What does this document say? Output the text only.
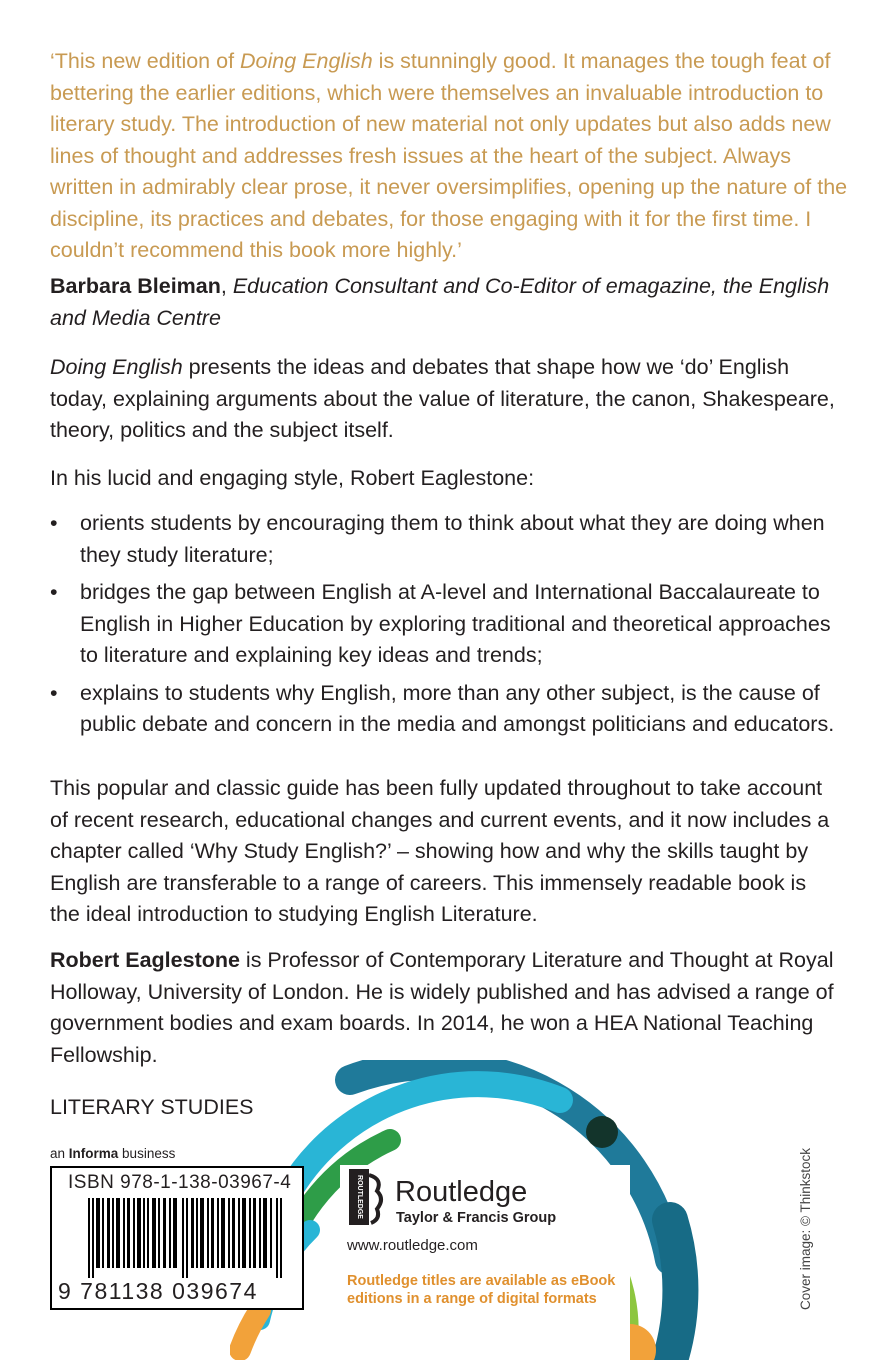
‘This new edition of Doing English is stunningly good. It manages the tough feat of bettering the earlier editions, which were themselves an invaluable introduction to literary study. The introduction of new material not only updates but also adds new lines of thought and addresses fresh issues at the heart of the subject. Always written in admirably clear prose, it never oversimplifies, opening up the nature of the discipline, its practices and debates, for those engaging with it for the first time. I couldn’t recommend this book more highly.’
Barbara Bleiman, Education Consultant and Co-Editor of emagazine, the English and Media Centre
Doing English presents the ideas and debates that shape how we ‘do’ English today, explaining arguments about the value of literature, the canon, Shakespeare, theory, politics and the subject itself.
In his lucid and engaging style, Robert Eaglestone:
•	orients students by encouraging them to think about what they are doing when they study literature;
•	bridges the gap between English at A-level and International Baccalaureate to English in Higher Education by exploring traditional and theoretical approaches to literature and explaining key ideas and trends;
•	explains to students why English, more than any other subject, is the cause of public debate and concern in the media and amongst politicians and educators.
This popular and classic guide has been fully updated throughout to take account of recent research, educational changes and current events, and it now includes a chapter called ‘Why Study English?’ – showing how and why the skills taught by English are transferable to a range of careers. This immensely readable book is the ideal introduction to studying English Literature.
Robert Eaglestone is Professor of Contemporary Literature and Thought at Royal Holloway, University of London. He is widely published and has advised a range of government bodies and exam boards. In 2014, he won a HEA National Teaching Fellowship.
LITERARY STUDIES
an Informa business
ISBN 978-1-138-03967-4
9 781138 039674
ROUTLEDGE Routledge
Taylor & Francis Group
www.routledge.com
Routledge titles are available as eBook editions in a range of digital formats	Cover image: © Thinkstock
